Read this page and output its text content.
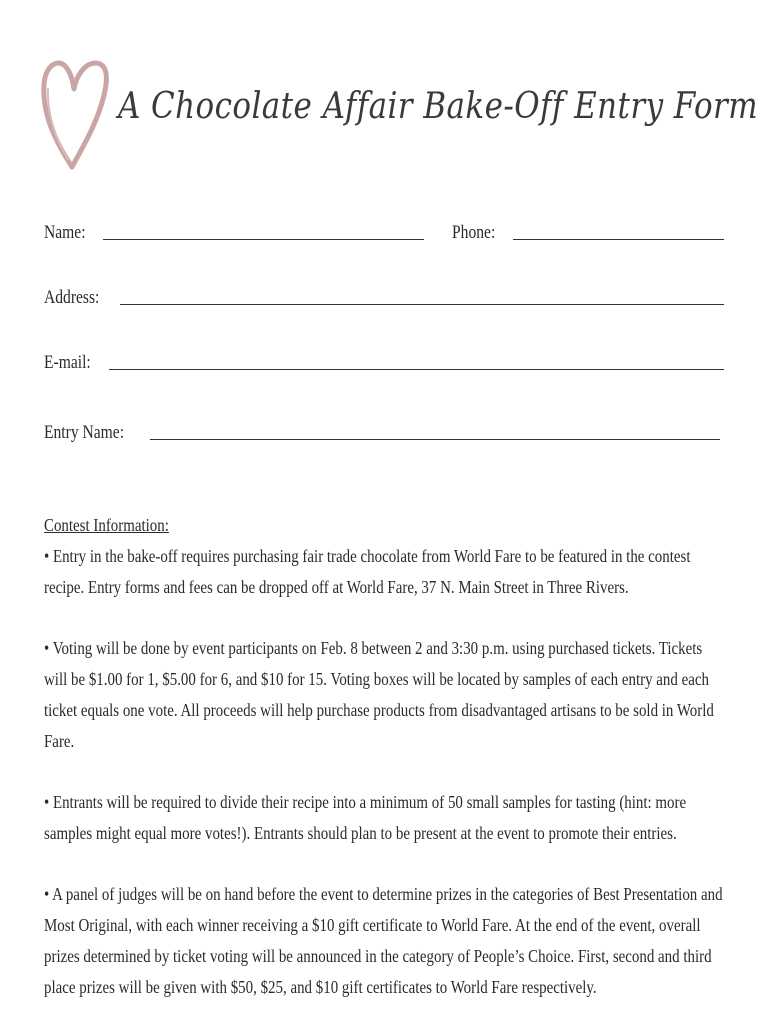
A Chocolate Affair Bake-Off Entry Form
Name:	Phone:
Address:
E-mail:
Entry Name:

Contest Information:

• Entry in the bake-off requires purchasing fair trade chocolate from World Fare to be featured in the contest recipe. Entry forms and fees can be dropped off at World Fare, 37 N. Main Street in Three Rivers.

• Voting will be done by event participants on Feb. 8 between 2 and 3:30 p.m. using purchased tickets. Tickets will be $1.00 for 1, $5.00 for 6, and $10 for 15. Voting boxes will be located by samples of each entry and each ticket equals one vote. All proceeds will help purchase products from disadvantaged artisans to be sold in World Fare.

• Entrants will be required to divide their recipe into a minimum of 50 small samples for tasting (hint: more samples might equal more votes!). Entrants should plan to be present at the event to promote their entries.

• A panel of judges will be on hand before the event to determine prizes in the categories of Best Presentation and Most Original, with each winner receiving a $10 gift certificate to World Fare. At the end of the event, overall prizes determined by ticket voting will be announced in the category of People’s Choice. First, second and third place prizes will be given with $50, $25, and $10 gift certificates to World Fare respectively.
